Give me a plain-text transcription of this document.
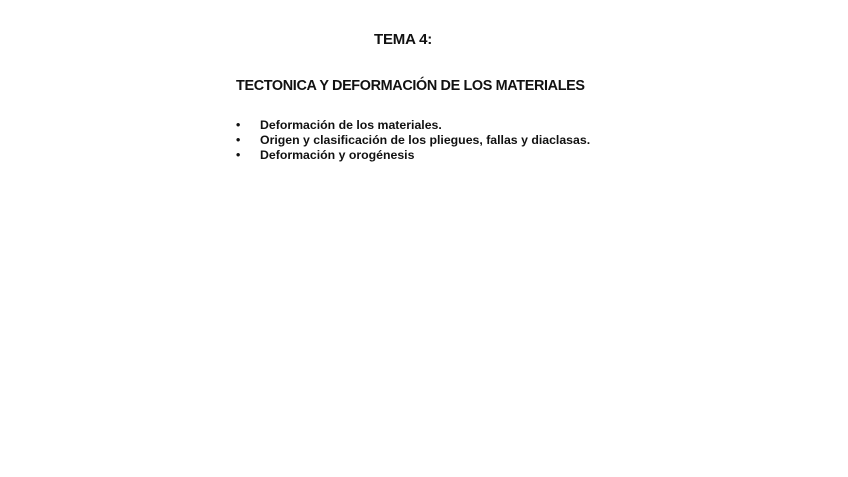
TEMA 4:
TECTONICA Y DEFORMACIÓN DE LOS MATERIALES
•	Deformación de los materiales.
•	Origen y clasificación de los pliegues, fallas y diaclasas.
•	Deformación y orogénesis
